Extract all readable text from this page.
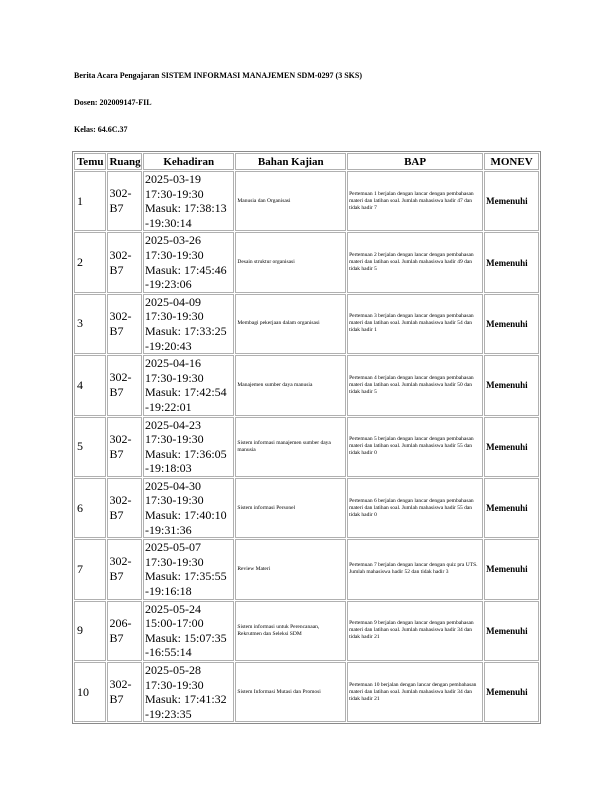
Berita Acara Pengajaran SISTEM INFORMASI MANAJEMEN SDM-0297 (3 SKS)
Dosen: 202009147-FIL
Kelas: 64.6C.37
Temu	Ruang	Kehadiran	Bahan Kajian	BAP	MONEV
1	302-B7	2025-03-19
17:30-19:30
Masuk: 17:38:13
-19:30:14	Manusia dan Organisasi	Pertemuan 1 berjalan dengan lancar dengan pembahasan materi dan latihan soal. Jumlah mahasiswa hadir 47 dan tidak hadir 7	Memenuhi
2	302-B7	2025-03-26
17:30-19:30
Masuk: 17:45:46
-19:23:06	Desain struktur organisasi	Pertemuan 2 berjalan dengan lancar dengan pembahasan materi dan latihan soal. Jumlah mahasiswa hadir 49 dan tidak hadir 5	Memenuhi
3	302-B7	2025-04-09
17:30-19:30
Masuk: 17:33:25
-19:20:43	Membagi pekerjaan dalam organisasi	Pertemuan 3 berjalan dengan lancar dengan pembahasan materi dan latihan soal. Jumlah mahasiswa hadir 54 dan tidak hadir 1	Memenuhi
4	302-B7	2025-04-16
17:30-19:30
Masuk: 17:42:54
-19:22:01	Manajemen sumber daya manusia	Pertemuan 4 berjalan dengan lancar dengan pembahasan materi dan latihan soal. Jumlah mahasiswa hadir 50 dan tidak hadir 5	Memenuhi
5	302-B7	2025-04-23
17:30-19:30
Masuk: 17:36:05
-19:18:03	Sistem informasi manajemen sumber daya manusia	Pertemuan 5 berjalan dengan lancar dengan pembahasan materi dan latihan soal. Jumlah mahasiswa hadir 55 dan tidak hadir 0	Memenuhi
6	302-B7	2025-04-30
17:30-19:30
Masuk: 17:40:10
-19:31:36	Sistem informasi Personel	Pertemuan 6 berjalan dengan lancar dengan pembahasan materi dan latihan soal. Jumlah mahasiswa hadir 55 dan tidak hadir 0	Memenuhi
7	302-B7	2025-05-07
17:30-19:30
Masuk: 17:35:55
-19:16:18	Review Materi	Pertemuan 7 berjalan dengan lancar dengan quiz pra UTS. Jumlah mahasiswa hadir 52 dan tidak hadir 3	Memenuhi
9	206-B7	2025-05-24
15:00-17:00
Masuk: 15:07:35
-16:55:14	Sistem informasi untuk Perencanaan, Rekrutmen dan Seleksi SDM	Pertemuan 9 berjalan dengan lancar dengan pembahasan materi dan latihan soal. Jumlah mahasiswa hadir 34 dan tidak hadir 21	Memenuhi
10	302-B7	2025-05-28
17:30-19:30
Masuk: 17:41:32
-19:23:35	Sistem Informasi Mutasi dan Promosi	Pertemuan 10 berjalan dengan lancar dengan pembahasan materi dan latihan soal. Jumlah mahasiswa hadir 34 dan tidak hadir 21	Memenuhi
